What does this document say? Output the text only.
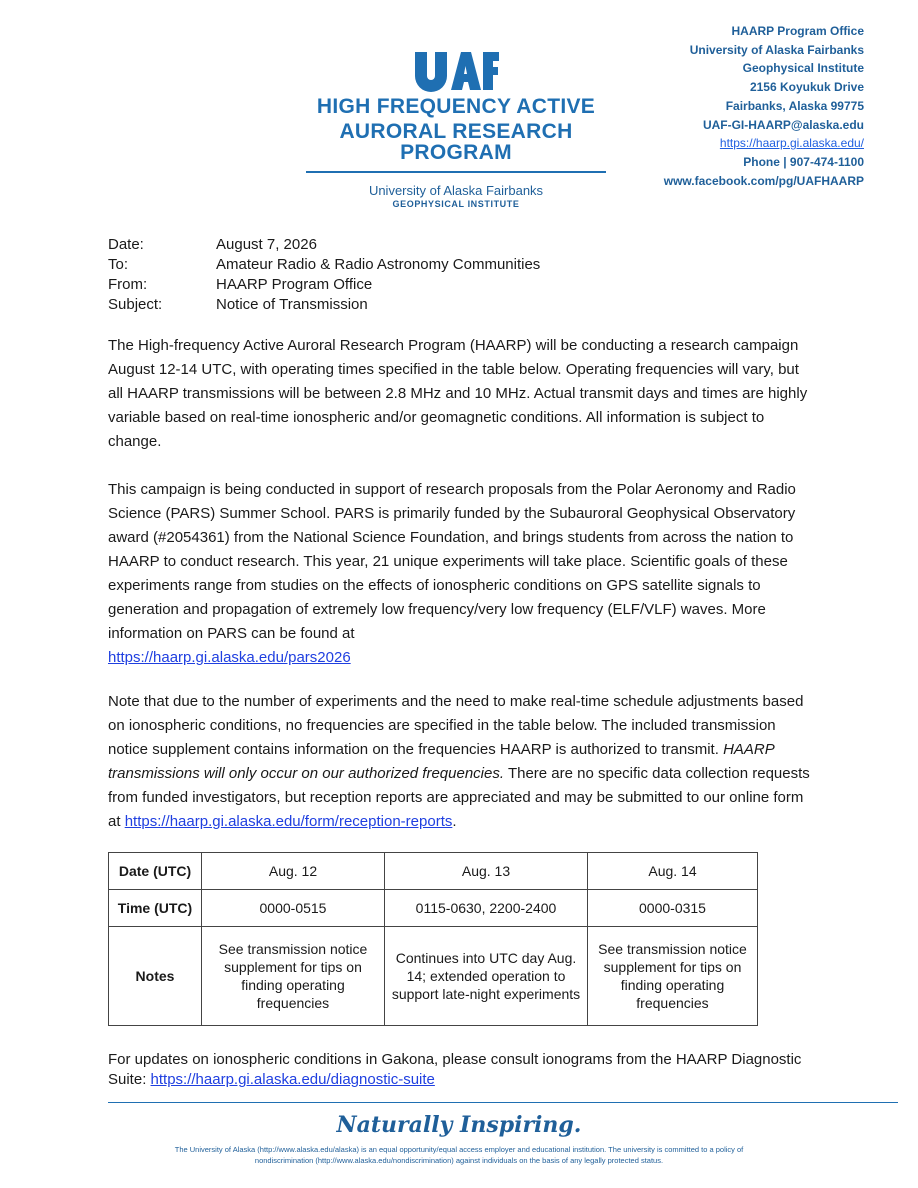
HIGH FREQUENCY ACTIVE
AURORAL RESEARCH PROGRAM
University of Alaska Fairbanks
GEOPHYSICAL INSTITUTE
HAARP Program Office
University of Alaska Fairbanks
Geophysical Institute
2156 Koyukuk Drive
Fairbanks, Alaska 99775
UAF-GI-HAARP@alaska.edu
https://haarp.gi.alaska.edu/
Phone | 907-474-1100
www.facebook.com/pg/UAFHAARP
Date:	August 7, 2026
To:	Amateur Radio & Radio Astronomy Communities
From:	HAARP Program Office
Subject:	Notice of Transmission

The High-frequency Active Auroral Research Program (HAARP) will be conducting a research campaign August 12-14 UTC, with operating times specified in the table below. Operating frequencies will vary, but all HAARP transmissions will be between 2.8 MHz and 10 MHz. Actual transmit days and times are highly variable based on real-time ionospheric and/or geomagnetic conditions. All information is subject to change.

This campaign is being conducted in support of research proposals from the Polar Aeronomy and Radio Science (PARS) Summer School. PARS is primarily funded by the Subauroral Geophysical Observatory award (#2054361) from the National Science Foundation, and brings students from across the nation to HAARP to conduct research. This year, 21 unique experiments will take place. Scientific goals of these experiments range from studies on the effects of ionospheric conditions on GPS satellite signals to generation and propagation of extremely low frequency/very low frequency (ELF/VLF) waves. More information on PARS can be found at
https://haarp.gi.alaska.edu/pars2026

Note that due to the number of experiments and the need to make real-time schedule adjustments based on ionospheric conditions, no frequencies are specified in the table below. The included transmission notice supplement contains information on the frequencies HAARP is authorized to transmit. HAARP transmissions will only occur on our authorized frequencies. There are no specific data collection requests from funded investigators, but reception reports are appreciated and may be submitted to our online form at https://haarp.gi.alaska.edu/form/reception-reports.

Date (UTC)	Aug. 12	Aug. 13	Aug. 14
Time (UTC)	0000-0515	0115-0630, 2200-2400	0000-0315
Notes	See transmission notice supplement for tips on finding operating frequencies	Continues into UTC day Aug. 14; extended operation to support late-night experiments	See transmission notice supplement for tips on finding operating frequencies

For updates on ionospheric conditions in Gakona, please consult ionograms from the HAARP Diagnostic Suite: https://haarp.gi.alaska.edu/diagnostic-suite

Naturally Inspiring.
The University of Alaska (http://www.alaska.edu/alaska) is an equal opportunity/equal access employer and educational institution. The university is committed to a policy of
nondiscrimination (http://www.alaska.edu/nondiscrimination) against individuals on the basis of any legally protected status.
